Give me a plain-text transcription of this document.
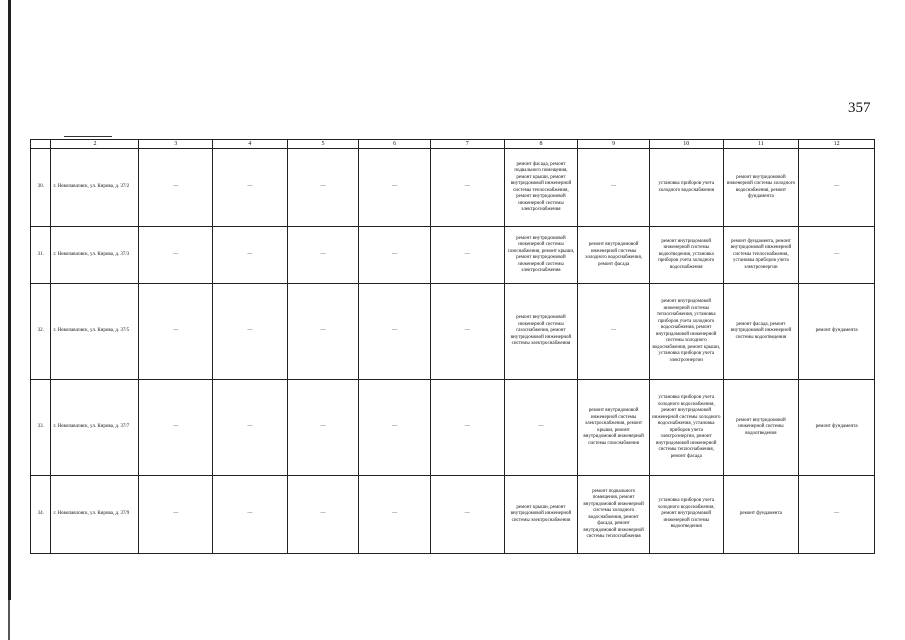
357
	2	3	4	5	6	7	8	9	10	11	12
30.	г. Новопавловск, ул. Кирова, д. 37/2	—	—	—	—	—	ремонт фасада, ремонт подвального помещения, ремонт крыши, ремонт внутридомовой инженерной системы теплоснабжения, ремонт внутридомовой инженерной системы электроснабжения	—	установка приборов учета холодного водоснабжения	ремонт внутридомовой инженерной системы холодного водоснабжения, ремонт фундамента	—
31.	г. Новопавловск, ул. Кирова, д. 37/3	—	—	—	—	—	ремонт внутридомовой инженерной системы газоснабжения, ремонт крыши, ремонт внутридомовой инженерной системы электроснабжения	ремонт внутридомовой инженерной системы холодного водоснабжения, ремонт фасада	ремонт внутридомовой инженерной системы водоотведения, установка приборов учета холодного водоснабжения	ремонт фундамента, ремонт внутридомовой инженерной системы теплоснабжения, установка приборов учета электроэнергии	—
32.	г. Новопавловск, ул. Кирова, д. 37/5	—	—	—	—	—	ремонт внутридомовой инженерной системы газоснабжения, ремонт внутридомовой инженерной системы электроснабжения	—	ремонт внутридомовой инженерной системы теплоснабжения, установка приборов учета холодного водоснабжения, ремонт внутридомовой инженерной системы холодного водоснабжения, ремонт крыши, установка приборов учета электроэнергии	ремонт фасада, ремонт внутридомовой инженерной системы водоотведения	ремонт фундамента
33.	г. Новопавловск, ул. Кирова, д. 37/7	—	—	—	—	—	—	ремонт внутридомовой инженерной системы электроснабжения, ремонт крыши, ремонт внутридомовой инженерной системы газоснабжения	установка приборов учета холодного водоснабжения, ремонт внутридомовой инженерной системы холодного водоснабжения, установка приборов учета электроэнергии, ремонт внутридомовой инженерной системы теплоснабжения, ремонт фасада	ремонт внутридомовой инженерной системы водоотведения	ремонт фундамента
34.	г. Новопавловск, ул. Кирова, д. 37/9	—	—	—	—	—	ремонт крыши, ремонт внутридомовой инженерной системы электроснабжения	ремонт подвального помещения, ремонт внутридомовой инженерной системы холодного водоснабжения, ремонт фасада, ремонт внутридомовой инженерной системы теплоснабжения	установка приборов учета холодного водоснабжения, ремонт внутридомовой инженерной системы водоотведения	ремонт фундамента	—
